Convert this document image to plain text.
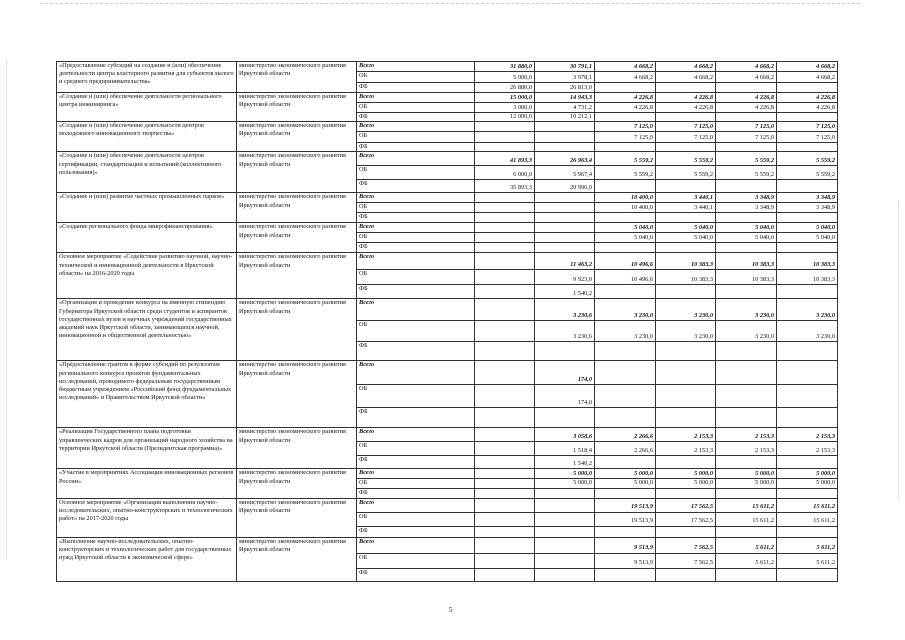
«Предоставление субсидий на создание и (или) обеспечение деятельности центра кластерного развития для субъектов малого и среднего предпринимательства»	министерство экономического развития Иркутской области	Всего	31 880,0	30 791,1	4 668,2	4 668,2	4 668,2	4 668,2
		ОБ	5 000,0	3 978,1	4 668,2	4 668,2	4 668,2	4 668,2
		ФБ	26 880,0	26 813,0				
«Создание и (или) обеспечение деятельности регионального центра инжиниринга»	министерство экономического развития Иркутской области	Всего	15 000,0	14 943,3	4 226,8	4 226,8	4 226,8	4 226,8
		ОБ	3 000,0	4 731,2	4 226,8	4 226,8	4 226,8	4 226,8
		ФБ	12 000,0	10 212,1				
«Создание и (или) обеспечение деятельности центров молодежного инновационного творчества»	министерство экономического развития Иркутской области	Всего			7 125,0	7 125,0	7 125,0	7 125,0
		ОБ			7 125,0	7 125,0	7 125,0	7 125,0
		ФБ						
«Создание и (или) обеспечение деятельности центров сертификации, стандартизации и испытаний (коллективного пользования)»	министерство экономического развития Иркутской области	Всего	41 893,3	26 963,4	5 559,2	5 559,2	5 559,2	5 559,2
		ОБ	6 000,0	5 967,4	5 559,2	5 559,2	5 559,2	5 559,2
		ФБ	35 893,3	20 996,0				
«Создание и (или) развитие частных промышленных парков»	министерство экономического развития Иркутской области	Всего			10 400,0	3 440,1	3 348,9	3 348,9
		ОБ			10 400,0	3 440,1	3 348,9	3 348,9
		ФБ						
«Создание регионального фонда микрофинансирования»	министерство экономического развития Иркутской области	Всего			5 040,0	5 040,0	5 040,0	5 040,0
		ОБ			5 040,0	5 040,0	5 040,0	5 040,0
		ФБ						
Основное мероприятие «Содействие развитию научной, научно-технической и инновационной деятельности в Иркутской области» на 2016-2020 годы	министерство экономического развития Иркутской области	Всего		11 463,2	10 496,6	10 383,3	10 383,3	10 383,3
		ОБ		9 923,0	10 496,6	10 383,3	10 383,3	10 383,3
		ФБ		1 540,2				
«Организация и проведение конкурса на именную стипендию Губернатора Иркутской области среди студентов и аспирантов государственных вузов и научных учреждений государственных академий наук Иркутской области, занимающихся научной, инновационной и общественной деятельностью»	министерство экономического развития Иркутской области	Всего		3 230,6	3 230,0	3 230,0	3 230,0	3 230,0
		ОБ		3 230,6	3 230,0	3 230,0	3 230,0	3 230,0
		ФБ						
«Предоставление грантов в форме субсидий по результатам регионального конкурса проектов фундаментальных исследований, проводимого федеральным государственным бюджетным учреждением «Российский фонд фундаментальных исследований» и Правительством Иркутской области»	министерство экономического развития Иркутской области	Всего		174,0				
		ОБ		174,0				
		ФБ						
«Реализация Государственного плана подготовки управленческих кадров для организаций народного хозяйства на территории Иркутской области (Президентская программа)»	министерство экономического развития Иркутской области	Всего		3 058,6	2 266,6	2 153,3	2 153,3	2 153,3
		ОБ		1 518,4	2 266,6	2 153,3	2 153,3	2 153,3
		ФБ		1 540,2				
«Участие в мероприятиях Ассоциации инновационных регионов России»	министерство экономического развития Иркутской области	Всего		5 000,0	5 000,0	5 000,0	5 000,0	5 000,0
		ОБ		5 000,0	5 000,0	5 000,0	5 000,0	5 000,0
		ФБ						
Основное мероприятие «Организация выполнения научно-исследовательских, опытно-конструкторских и технологических работ» на 2017-2020 годы	министерство экономического развития Иркутской области	Всего			19 513,9	17 562,5	15 611,2	15 611,2
		ОБ			19 513,9	17 562,5	15 611,2	15 611,2
		ФБ						
«Выполнение научно-исследовательских, опытно-конструкторских и технологических работ для государственных нужд Иркутской области в экономической сфере»	министерство экономического развития Иркутской области	Всего			9 513,9	7 562,5	5 611,2	5 611,2
		ОБ			9 513,9	7 562,5	5 611,2	5 611,2
		ФБ						
5
